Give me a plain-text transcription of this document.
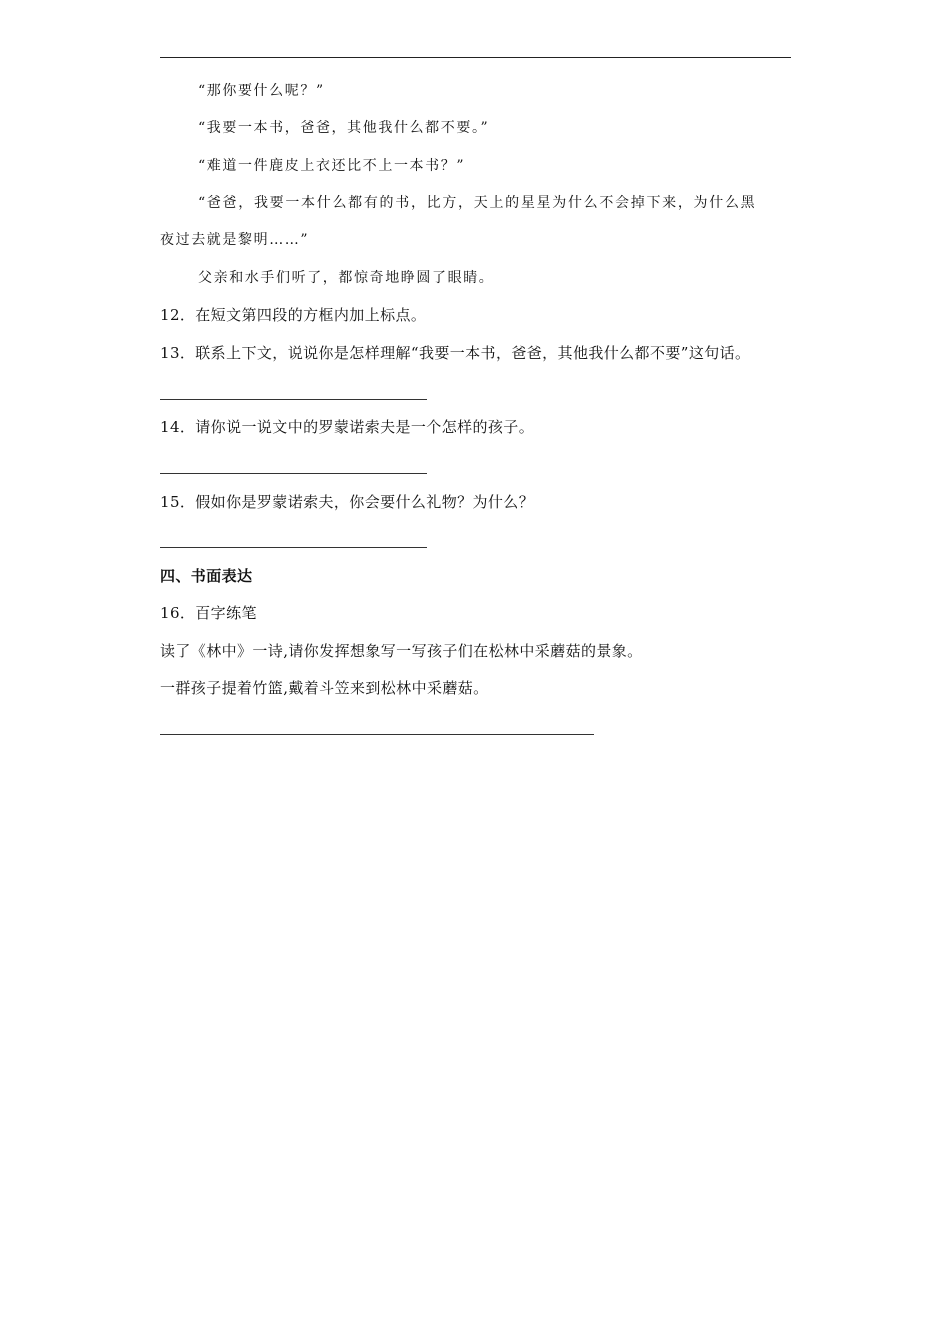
“那你要什么呢？”
“我要一本书，爸爸，其他我什么都不要。”
“难道一件鹿皮上衣还比不上一本书？”
“爸爸，我要一本什么都有的书，比方，天上的星星为什么不会掉下来，为什么黑
夜过去就是黎明……”
父亲和水手们听了，都惊奇地睁圆了眼睛。
12．在短文第四段的方框内加上标点。
13．联系上下文，说说你是怎样理解“我要一本书，爸爸，其他我什么都不要”这句话。
14．请你说一说文中的罗蒙诺索夫是一个怎样的孩子。
15．假如你是罗蒙诺索夫，你会要什么礼物？为什么？
四、书面表达
16．百字练笔
读了《林中》一诗,请你发挥想象写一写孩子们在松林中采蘑菇的景象。
一群孩子提着竹篮,戴着斗笠来到松林中采蘑菇。
